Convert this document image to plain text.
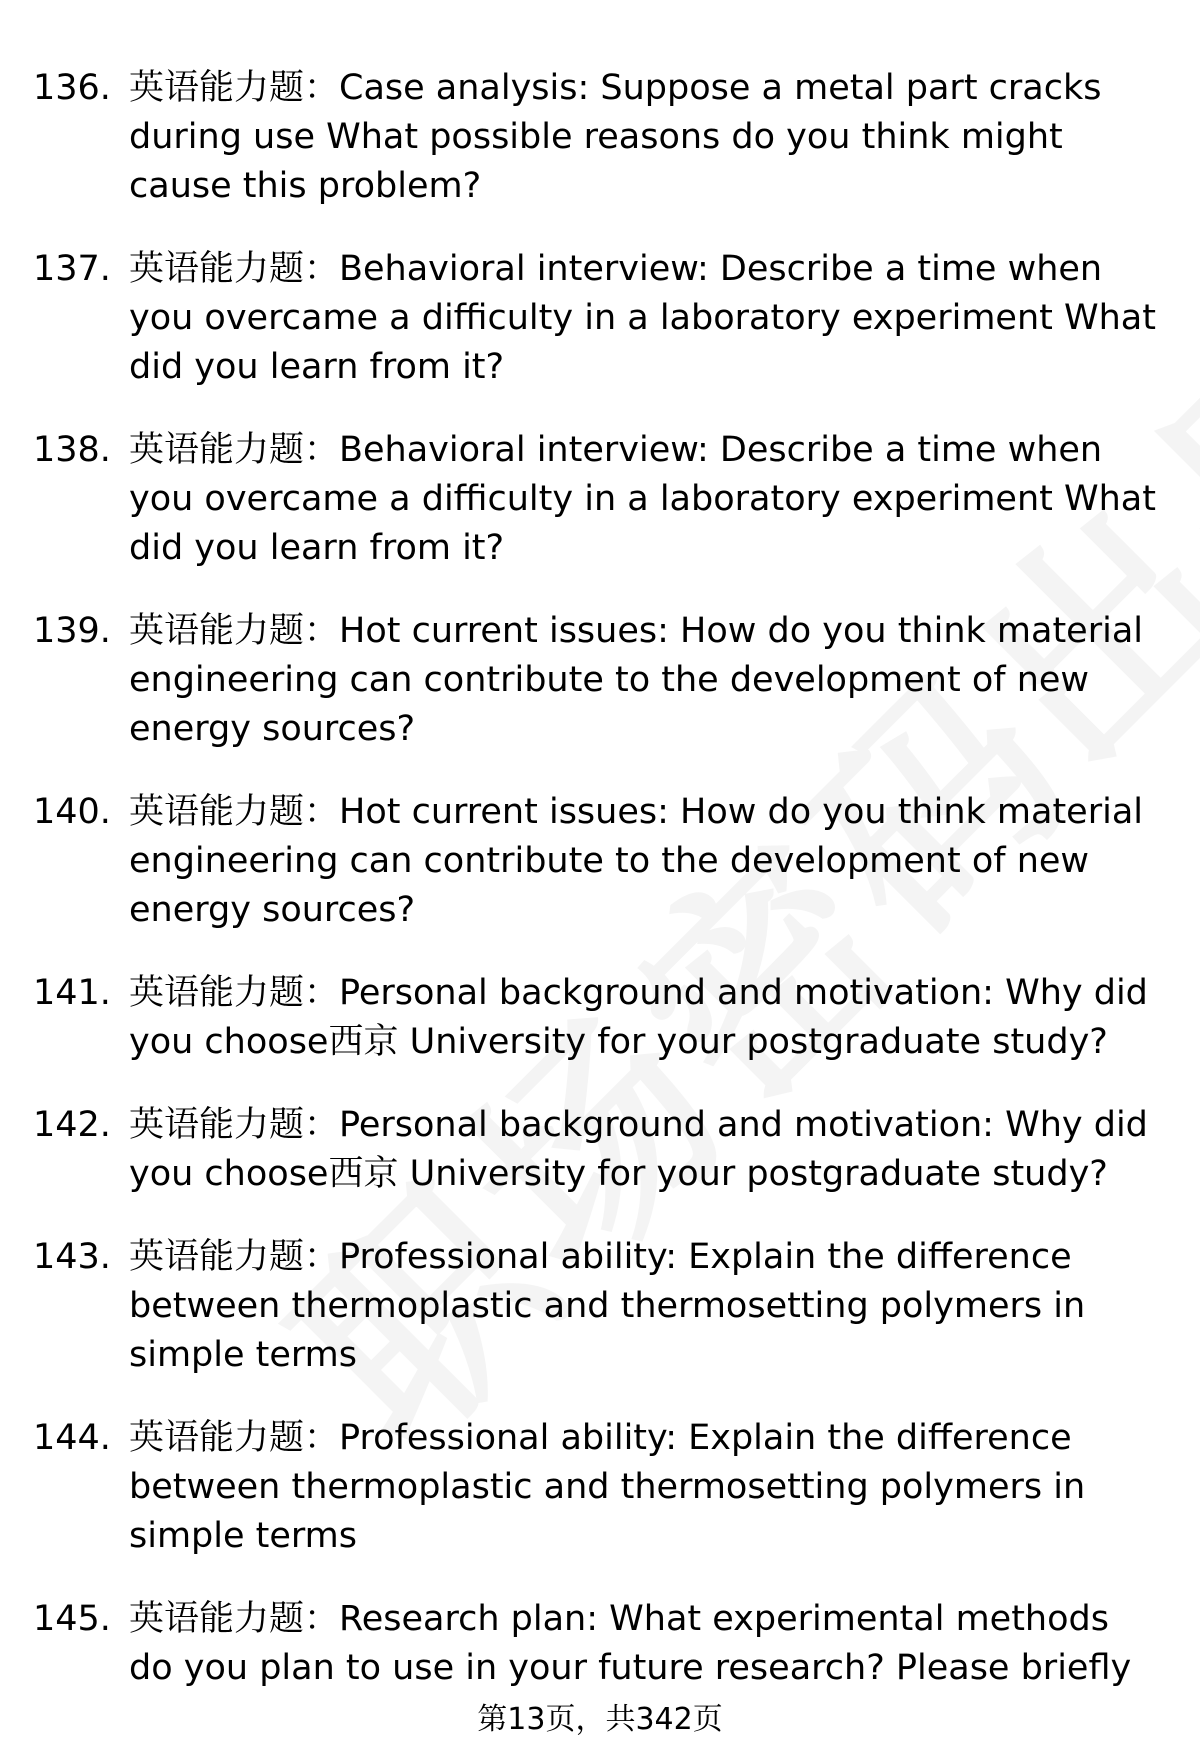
136. 英语能力题：Case analysis: Suppose a metal part cracks during use What possible reasons do you think might cause this problem?
137. 英语能力题：Behavioral interview: Describe a time when you overcame a difficulty in a laboratory experiment What did you learn from it?
138. 英语能力题：Behavioral interview: Describe a time when you overcame a difficulty in a laboratory experiment What did you learn from it?
139. 英语能力题：Hot current issues: How do you think material engineering can contribute to the development of new energy sources?
140. 英语能力题：Hot current issues: How do you think material engineering can contribute to the development of new energy sources?
141. 英语能力题：Personal background and motivation: Why did you choose西京 University for your postgraduate study?
142. 英语能力题：Personal background and motivation: Why did you choose西京 University for your postgraduate study?
143. 英语能力题：Professional ability: Explain the difference between thermoplastic and thermosetting polymers in simple terms
144. 英语能力题：Professional ability: Explain the difference between thermoplastic and thermosetting polymers in simple terms
145. 英语能力题：Research plan: What experimental methods do you plan to use in your future research? Please briefly
第13页，共342页
